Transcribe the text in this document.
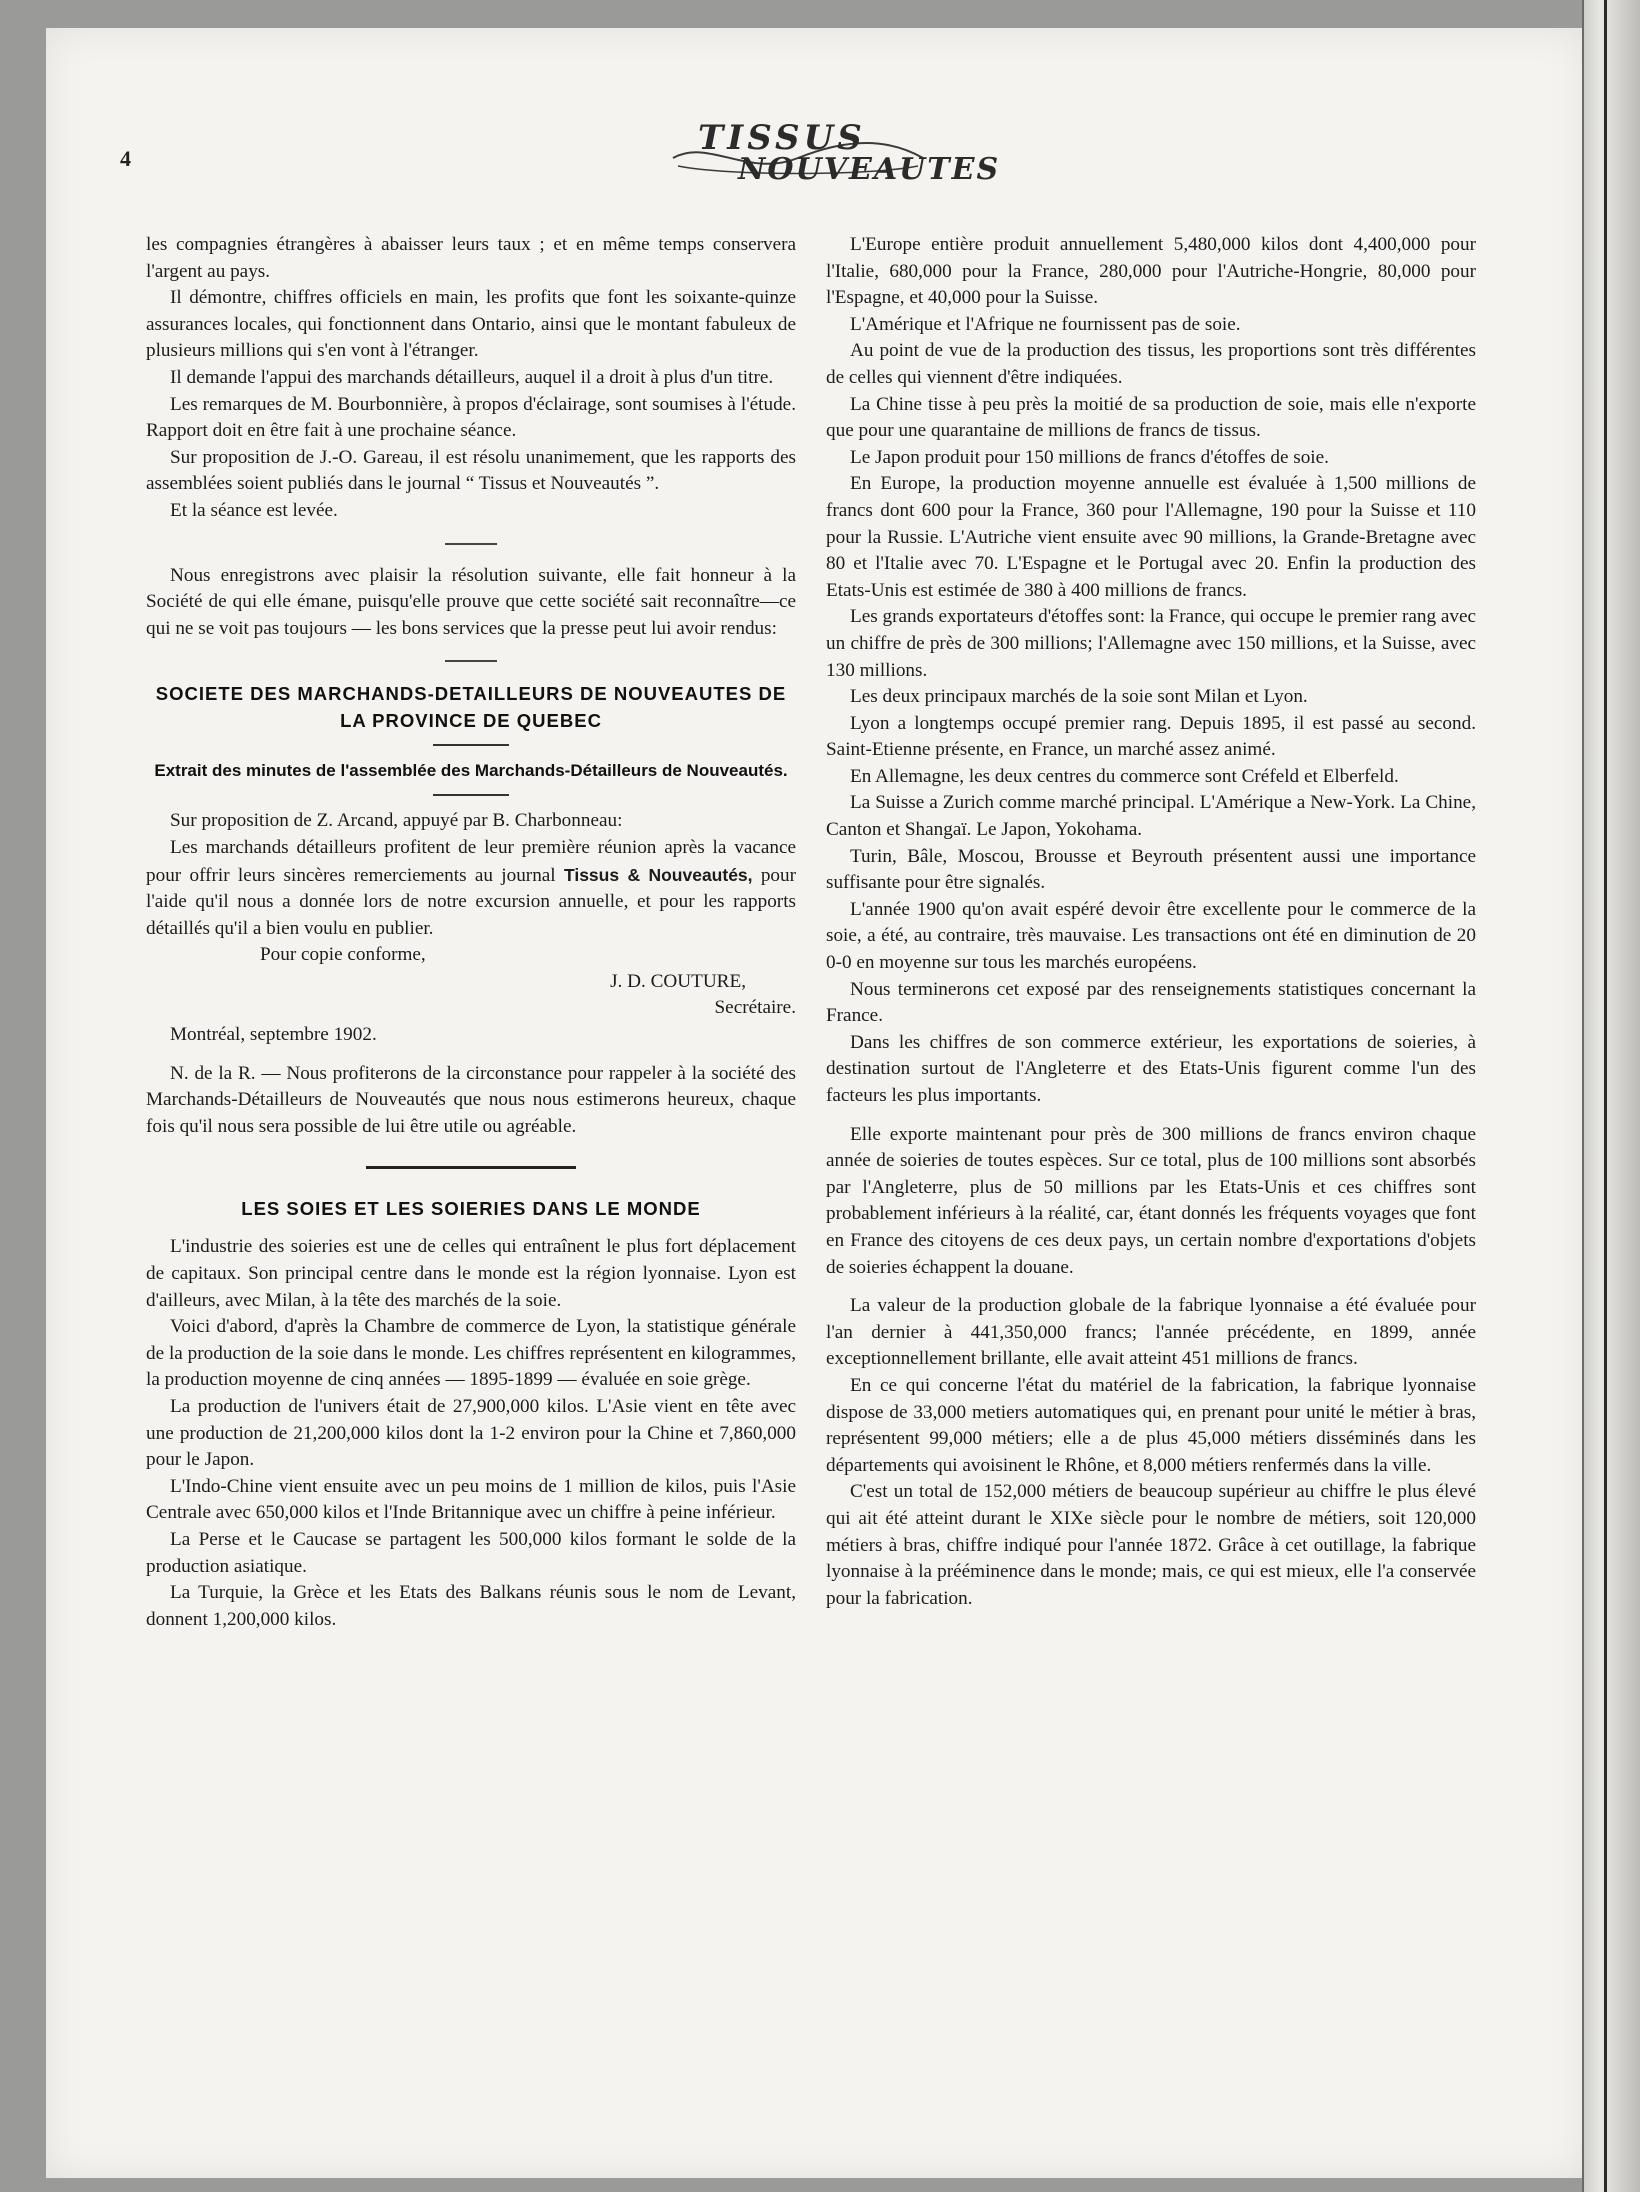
4
TISSUS
NOUVEAUTES

les compagnies étrangères à abaisser leurs taux ; et en même temps conservera l'argent au pays.

Il démontre, chiffres officiels en main, les profits que font les soixante-quinze assurances locales, qui fonctionnent dans Ontario, ainsi que le montant fabuleux de plusieurs millions qui s'en vont à l'étranger.

Il demande l'appui des marchands détailleurs, auquel il a droit à plus d'un titre.

Les remarques de M. Bourbonnière, à propos d'éclairage, sont soumises à l'étude. Rapport doit en être fait à une prochaine séance.

Sur proposition de J.-O. Gareau, il est résolu unanimement, que les rapports des assemblées soient publiés dans le journal “ Tissus et Nouveautés ”.

Et la séance est levée.

Nous enregistrons avec plaisir la résolution suivante, elle fait honneur à la Société de qui elle émane, puisqu'elle prouve que cette société sait reconnaître—ce qui ne se voit pas toujours — les bons services que la presse peut lui avoir rendus:

SOCIETE DES MARCHANDS-DETAILLEURS DE NOUVEAUTES DE LA PROVINCE DE QUEBEC
Extrait des minutes de l'assemblée des Marchands-Détailleurs de Nouveautés.

Sur proposition de Z. Arcand, appuyé par B. Charbonneau:

Les marchands détailleurs profitent de leur première réunion après la vacance pour offrir leurs sincères remerciements au journal Tissus & Nouveautés, pour l'aide qu'il nous a donnée lors de notre excursion annuelle, et pour les rapports détaillés qu'il a bien voulu en publier.

Pour copie conforme,

J. D. COUTURE,

Secrétaire.

Montréal, septembre 1902.

N. de la R. — Nous profiterons de la circonstance pour rappeler à la société des Marchands-Détailleurs de Nouveautés que nous nous estimerons heureux, chaque fois qu'il nous sera possible de lui être utile ou agréable.

LES SOIES ET LES SOIERIES DANS LE MONDE

L'industrie des soieries est une de celles qui entraînent le plus fort déplacement de capitaux. Son principal centre dans le monde est la région lyonnaise. Lyon est d'ailleurs, avec Milan, à la tête des marchés de la soie.

Voici d'abord, d'après la Chambre de commerce de Lyon, la statistique générale de la production de la soie dans le monde. Les chiffres représentent en kilogrammes, la production moyenne de cinq années — 1895-1899 — évaluée en soie grège.

La production de l'univers était de 27,900,000 kilos. L'Asie vient en tête avec une production de 21,200,000 kilos dont la 1-2 environ pour la Chine et 7,860,000 pour le Japon.

L'Indo-Chine vient ensuite avec un peu moins de 1 million de kilos, puis l'Asie Centrale avec 650,000 kilos et l'Inde Britannique avec un chiffre à peine inférieur.

La Perse et le Caucase se partagent les 500,000 kilos formant le solde de la production asiatique.

La Turquie, la Grèce et les Etats des Balkans réunis sous le nom de Levant, donnent 1,200,000 kilos.

L'Europe entière produit annuellement 5,480,000 kilos dont 4,400,000 pour l'Italie, 680,000 pour la France, 280,000 pour l'Autriche-Hongrie, 80,000 pour l'Espagne, et 40,000 pour la Suisse.

L'Amérique et l'Afrique ne fournissent pas de soie.

Au point de vue de la production des tissus, les proportions sont très différentes de celles qui viennent d'être indiquées.

La Chine tisse à peu près la moitié de sa production de soie, mais elle n'exporte que pour une quarantaine de millions de francs de tissus.

Le Japon produit pour 150 millions de francs d'étoffes de soie.

En Europe, la production moyenne annuelle est évaluée à 1,500 millions de francs dont 600 pour la France, 360 pour l'Allemagne, 190 pour la Suisse et 110 pour la Russie. L'Autriche vient ensuite avec 90 millions, la Grande-Bretagne avec 80 et l'Italie avec 70. L'Espagne et le Portugal avec 20. Enfin la production des Etats-Unis est estimée de 380 à 400 millions de francs.

Les grands exportateurs d'étoffes sont: la France, qui occupe le premier rang avec un chiffre de près de 300 millions; l'Allemagne avec 150 millions, et la Suisse, avec 130 millions.

Les deux principaux marchés de la soie sont Milan et Lyon.

Lyon a longtemps occupé premier rang. Depuis 1895, il est passé au second. Saint-Etienne présente, en France, un marché assez animé.

En Allemagne, les deux centres du commerce sont Créfeld et Elberfeld.

La Suisse a Zurich comme marché principal. L'Amérique a New-York. La Chine, Canton et Shangaï. Le Japon, Yokohama.

Turin, Bâle, Moscou, Brousse et Beyrouth présentent aussi une importance suffisante pour être signalés.

L'année 1900 qu'on avait espéré devoir être excellente pour le commerce de la soie, a été, au contraire, très mauvaise. Les transactions ont été en diminution de 20 0-0 en moyenne sur tous les marchés européens.

Nous terminerons cet exposé par des renseignements statistiques concernant la France.

Dans les chiffres de son commerce extérieur, les exportations de soieries, à destination surtout de l'Angleterre et des Etats-Unis figurent comme l'un des facteurs les plus importants.

Elle exporte maintenant pour près de 300 millions de francs environ chaque année de soieries de toutes espèces. Sur ce total, plus de 100 millions sont absorbés par l'Angleterre, plus de 50 millions par les Etats-Unis et ces chiffres sont probablement inférieurs à la réalité, car, étant donnés les fréquents voyages que font en France des citoyens de ces deux pays, un certain nombre d'exportations d'objets de soieries échappent la douane.

La valeur de la production globale de la fabrique lyonnaise a été évaluée pour l'an dernier à 441,350,000 francs; l'année précédente, en 1899, année exceptionnellement brillante, elle avait atteint 451 millions de francs.

En ce qui concerne l'état du matériel de la fabrication, la fabrique lyonnaise dispose de 33,000 metiers automatiques qui, en prenant pour unité le métier à bras, représentent 99,000 métiers; elle a de plus 45,000 métiers disséminés dans les départements qui avoisinent le Rhône, et 8,000 métiers renfermés dans la ville.

C'est un total de 152,000 métiers de beaucoup supérieur au chiffre le plus élevé qui ait été atteint durant le XIXe siècle pour le nombre de métiers, soit 120,000 métiers à bras, chiffre indiqué pour l'année 1872. Grâce à cet outillage, la fabrique lyonnaise à la prééminence dans le monde; mais, ce qui est mieux, elle l'a conservée pour la fabrication.
